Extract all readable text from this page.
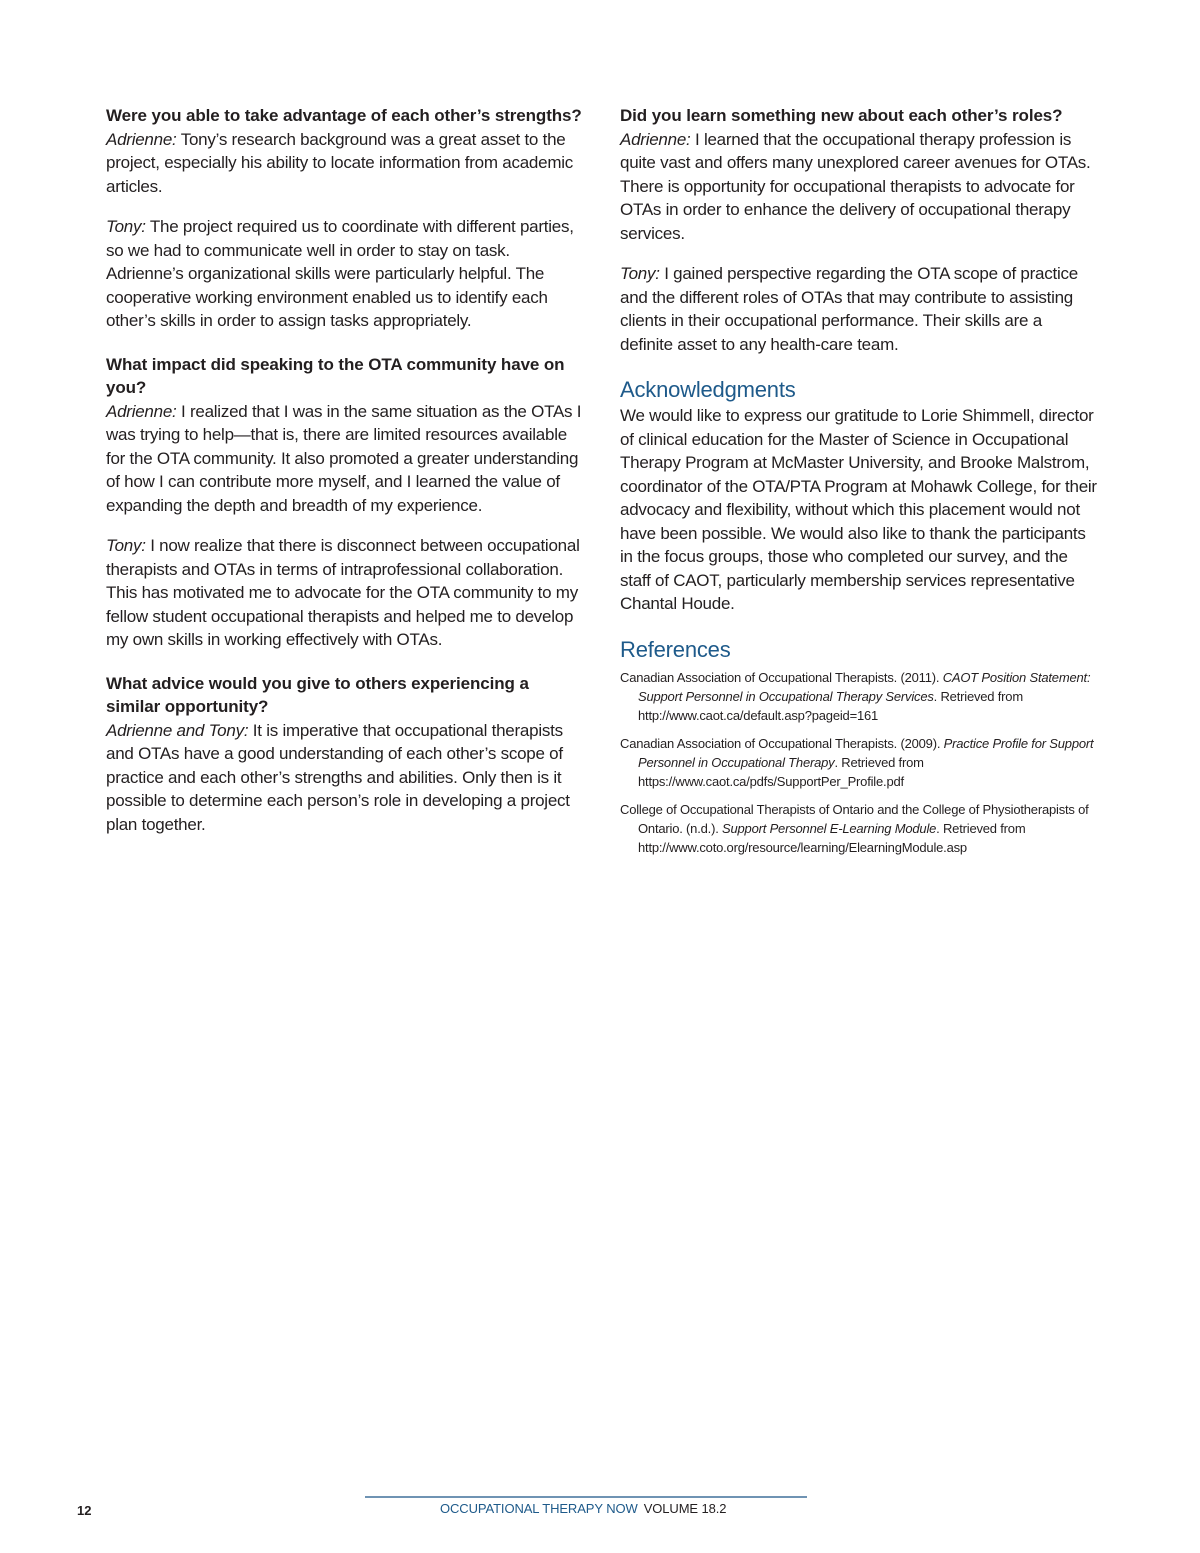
Were you able to take advantage of each other’s strengths?

Adrienne: Tony’s research background was a great asset to the project, especially his ability to locate information from academic articles.

Tony: The project required us to coordinate with different parties, so we had to communicate well in order to stay on task. Adrienne’s organizational skills were particularly helpful. The cooperative working environment enabled us to identify each other’s skills in order to assign tasks appropriately.

What impact did speaking to the OTA community have on you?

Adrienne: I realized that I was in the same situation as the OTAs I was trying to help—that is, there are limited resources available for the OTA community. It also promoted a greater understanding of how I can contribute more myself, and I learned the value of expanding the depth and breadth of my experience.

Tony: I now realize that there is disconnect between occupational therapists and OTAs in terms of intraprofessional collaboration. This has motivated me to advocate for the OTA community to my fellow student occupational therapists and helped me to develop my own skills in working effectively with OTAs.

What advice would you give to others experiencing a similar opportunity?

Adrienne and Tony: It is imperative that occupational therapists and OTAs have a good understanding of each other’s scope of practice and each other’s strengths and abilities. Only then is it possible to determine each person’s role in developing a project plan together.

Did you learn something new about each other’s roles?

Adrienne: I learned that the occupational therapy profession is quite vast and offers many unexplored career avenues for OTAs. There is opportunity for occupational therapists to advocate for OTAs in order to enhance the delivery of occupational therapy services.

Tony: I gained perspective regarding the OTA scope of practice and the different roles of OTAs that may contribute to assisting clients in their occupational performance. Their skills are a definite asset to any health-care team.

Acknowledgments

We would like to express our gratitude to Lorie Shimmell, director of clinical education for the Master of Science in Occupational Therapy Program at McMaster University, and Brooke Malstrom, coordinator of the OTA/PTA Program at Mohawk College, for their advocacy and flexibility, without which this placement would not have been possible. We would also like to thank the participants in the focus groups, those who completed our survey, and the staff of CAOT, particularly membership services representative Chantal Houde.

References

Canadian Association of Occupational Therapists. (2011). CAOT Position Statement: Support Personnel in Occupational Therapy Services. Retrieved from http://www.caot.ca/default.asp?pageid=161

Canadian Association of Occupational Therapists. (2009). Practice Profile for Support Personnel in Occupational Therapy. Retrieved from https://www.caot.ca/pdfs/SupportPer_Profile.pdf

College of Occupational Therapists of Ontario and the College of Physiotherapists of Ontario. (n.d.). Support Personnel E-Learning Module. Retrieved from http://www.coto.org/resource/learning/ElearningModule.asp

12	OCCUPATIONAL THERAPY NOW VOLUME 18.2
